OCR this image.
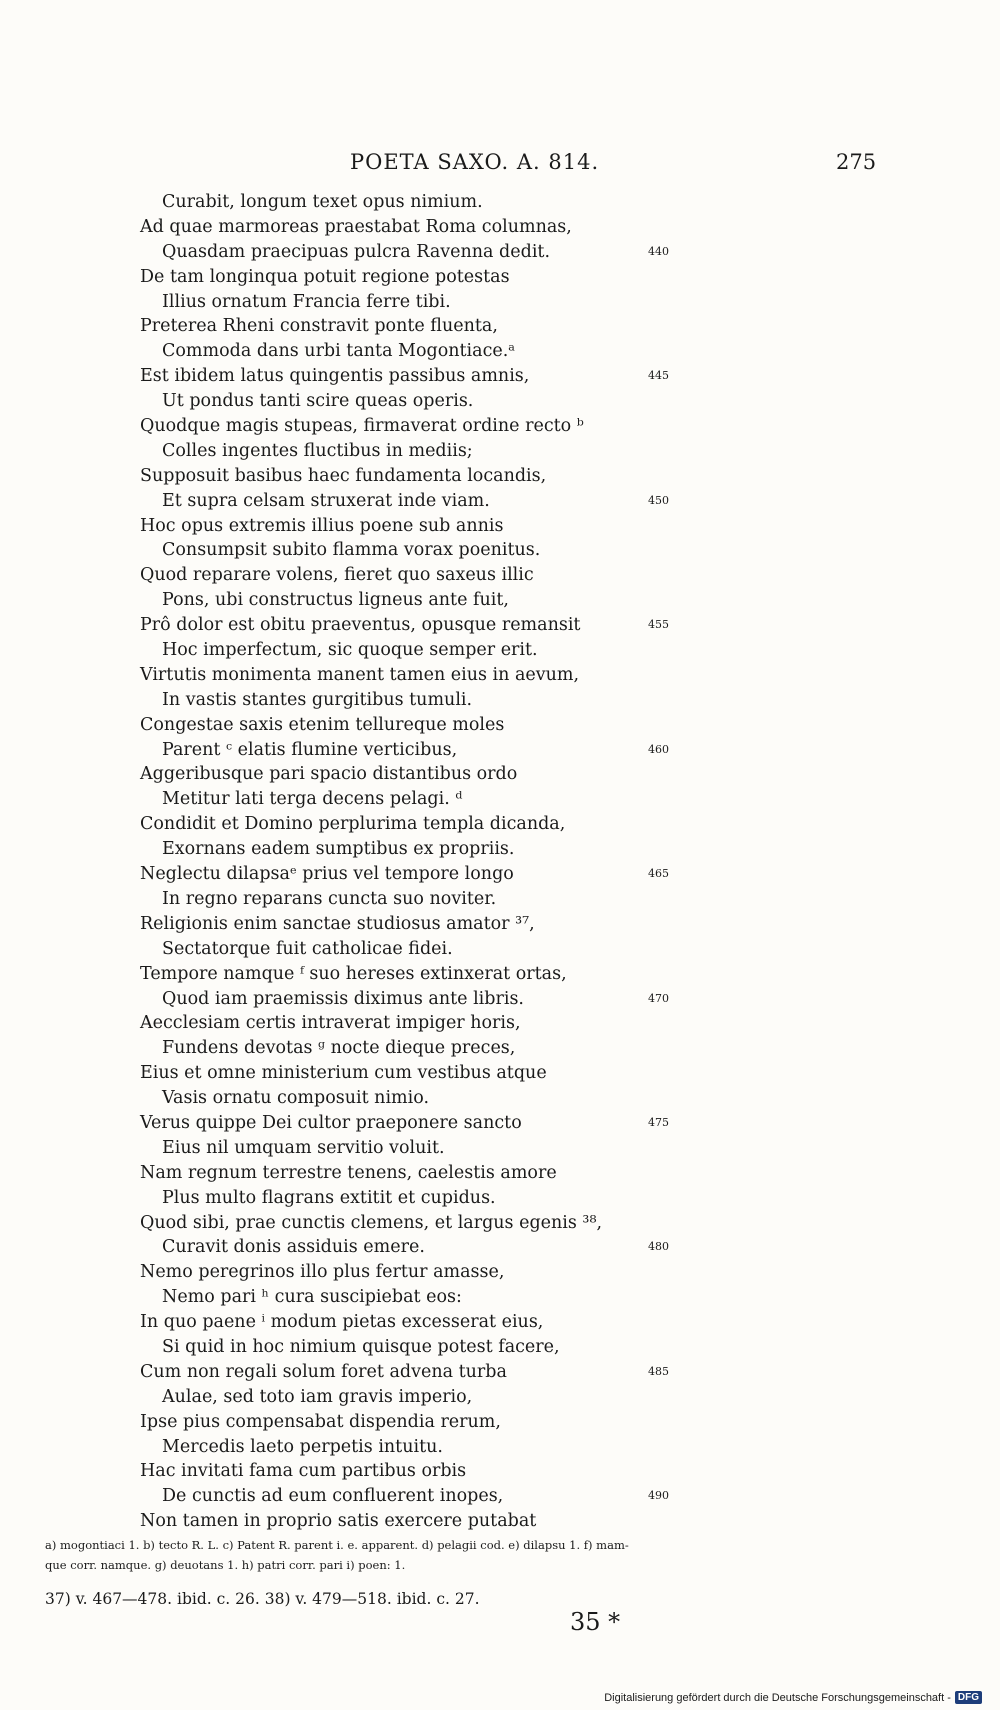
POETA SAXO. A. 814.	275
Curabit, longum texet opus nimium.
Ad quae marmoreas praestabat Roma columnas,
Quasdam praecipuas pulcra Ravenna dedit.	440
De tam longinqua potuit regione potestas
Illius ornatum Francia ferre tibi.
Preterea Rheni constravit ponte fluenta,
Commoda dans urbi tanta Mogontiace.ᵃ
Est ibidem latus quingentis passibus amnis,	445
Ut pondus tanti scire queas operis.
Quodque magis stupeas, firmaverat ordine recto ᵇ
Colles ingentes fluctibus in mediis;
Supposuit basibus haec fundamenta locandis,
Et supra celsam struxerat inde viam.	450
Hoc opus extremis illius poene sub annis
Consumpsit subito flamma vorax poenitus.
Quod reparare volens, fieret quo saxeus illic
Pons, ubi constructus ligneus ante fuit,
Prô dolor est obitu praeventus, opusque remansit	455
Hoc imperfectum, sic quoque semper erit.
Virtutis monimenta manent tamen eius in aevum,
In vastis stantes gurgitibus tumuli.
Congestae saxis etenim tellureque moles
Parent ᶜ elatis flumine verticibus,	460
Aggeribusque pari spacio distantibus ordo
Metitur lati terga decens pelagi. ᵈ
Condidit et Domino perplurima templa dicanda,
Exornans eadem sumptibus ex propriis.
Neglectu dilapsaᵉ prius vel tempore longo	465
In regno reparans cuncta suo noviter.
Religionis enim sanctae studiosus amator ³⁷,
Sectatorque fuit catholicae fidei.
Tempore namque ᶠ suo hereses extinxerat ortas,
Quod iam praemissis diximus ante libris.	470
Aecclesiam certis intraverat impiger horis,
Fundens devotas ᵍ nocte dieque preces,
Eius et omne ministerium cum vestibus atque
Vasis ornatu composuit nimio.
Verus quippe Dei cultor praeponere sancto	475
Eius nil umquam servitio voluit.
Nam regnum terrestre tenens, caelestis amore
Plus multo flagrans extitit et cupidus.
Quod sibi, prae cunctis clemens, et largus egenis ³⁸,
Curavit donis assiduis emere.	480
Nemo peregrinos illo plus fertur amasse,
Nemo pari ʰ cura suscipiebat eos:
In quo paene ⁱ modum pietas excesserat eius,
Si quid in hoc nimium quisque potest facere,
Cum non regali solum foret advena turba	485
Aulae, sed toto iam gravis imperio,
Ipse pius compensabat dispendia rerum,
Mercedis laeto perpetis intuitu.
Hac invitati fama cum partibus orbis
De cunctis ad eum confluerent inopes,	490
Non tamen in proprio satis exercere putabat

a) mogontiaci 1. b) tecto R. L. c) Patent R. parent i. e. apparent. d) pelagii cod. e) dilapsu 1. f) mam-

que corr. namque. g) deuotans 1. h) patri corr. pari i) poen: 1.

37) v. 467—478. ibid. c. 26. 38) v. 479—518. ibid. c. 27.
35 *
Digitalisierung gefördert durch die Deutsche Forschungsgemeinschaft - DFG
